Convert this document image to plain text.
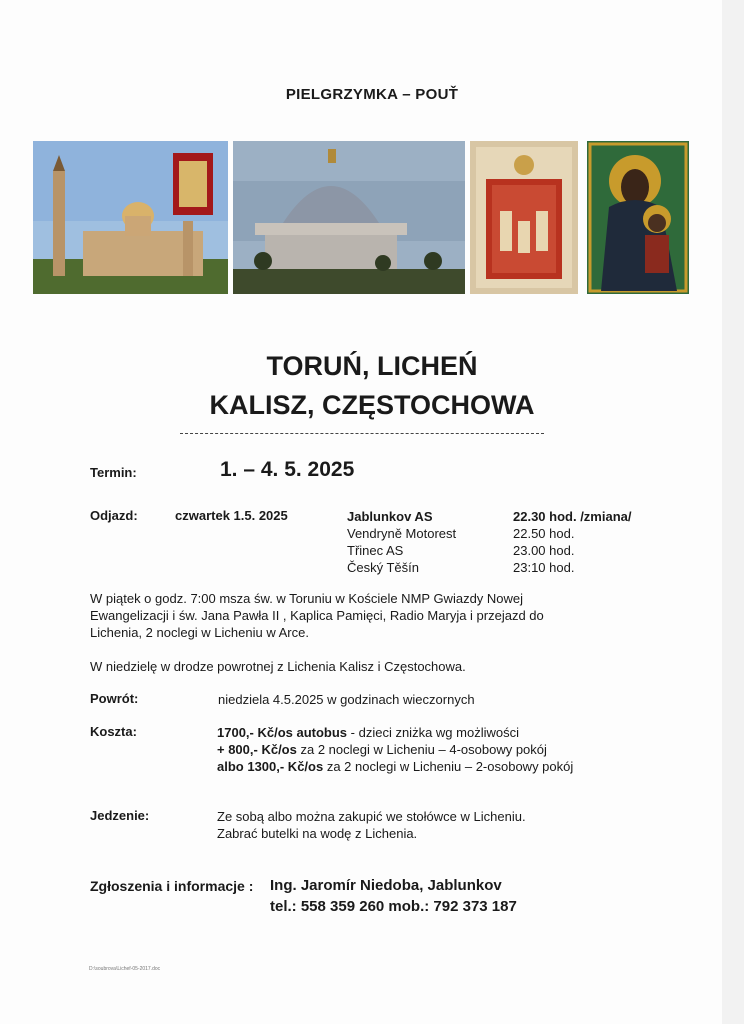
PIELGRZYMKA – POUŤ
TORUŃ, LICHEŃ
KALISZ, CZĘSTOCHOWA
Termin:	1. – 4. 5. 2025
Odjazd:	czwartek 1.5. 2025	Jablunkov AS	22.30 hod. /zmiana/
Vendryně Motorest	22.50 hod.
Třinec AS	23.00 hod.
Český Těšín	23:10 hod.
W piątek o godz. 7:00 msza św. w Toruniu w Kościele NMP Gwiazdy Nowej
Ewangelizacji i św. Jana Pawła II , Kaplica Pamięci, Radio Maryja i przejazd do
Lichenia, 2 noclegi w Licheniu w Arce.
W niedzielę w drodze powrotnej z Lichenia Kalisz i Częstochowa.
Powrót:	niedziela 4.5.2025 w godzinach wieczornych
Koszta:	1700,- Kč/os autobus - dzieci zniżka wg możliwości
+ 800,- Kč/os za 2 noclegi w Licheniu – 4-osobowy pokój
albo 1300,- Kč/os za 2 noclegi w Licheniu – 2-osobowy pokój
Jedzenie:	Ze sobą albo można zakupić we stołówce w Licheniu.
Zabrać butelki na wodę z Lichenia.
Zgłoszenia i informacje : Ing. Jaromír Niedoba, Jablunkov
tel.: 558 359 260 mob.: 792 373 187
D:\soubrova\Lichef-05-2017.doc
